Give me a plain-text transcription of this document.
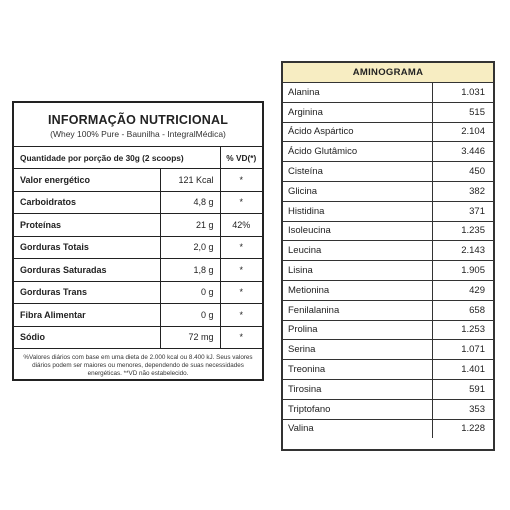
INFORMAÇÃO NUTRICIONAL
(Whey 100% Pure - Baunilha - IntegralMédica)
Quantidade por porção de 30g (2 scoops)		% VD(*)
Valor energético	121 Kcal	*
Carboidratos	4,8 g	*
Proteínas	21 g	42%
Gorduras Totais	2,0 g	*
Gorduras Saturadas	1,8 g	*
Gorduras Trans	0 g	*
Fibra Alimentar	0 g	*
Sódio	72 mg	*
%Valores diários com base em uma dieta de 2.000 kcal ou 8.400 kJ. Seus valores diários podem ser maiores ou menores, dependendo de suas necessidades energéticas. **VD não estabelecido.
AMINOGRAMA
Alanina	1.031
Arginina	515
Ácido Aspártico	2.104
Ácido Glutâmico	3.446
Cisteína	450
Glicina	382
Histidina	371
Isoleucina	1.235
Leucina	2.143
Lisina	1.905
Metionina	429
Fenilalanina	658
Prolina	1.253
Serina	1.071
Treonina	1.401
Tirosina	591
Triptofano	353
Valina	1.228
